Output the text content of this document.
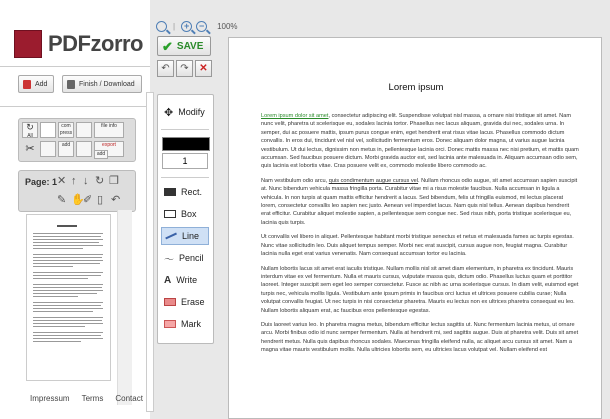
| +	−	100%
PDFzorro
Add	Finish / Download
↻
All
com press
file info
✂	add	export
add
Page: 1 ✕ ↑ ↓ ↻ ❐
✎ ✋
✐ ▯ ↶
Impressum Terms Contact
✔ SAVE
↶	↷	✕
✥ Modify
1
Rect.
Box
Line
〜 Pencil
A Write
Erase
Mark
Lorem ipsum

Lorem ipsum dolor sit amet, consectetur adipiscing elit. Suspendisse volutpat nisl massa, a ornare nisi tristique sit amet. Nam nunc velit, pharetra ut scelerisque eu, sodales lacinia tortor. Phasellus nec lacus aliquam, gravida dui nec, sodales urna. In semper, dui ac posuere mattis, ipsum purus congue enim, eget hendrerit erat risus vitae lacus. Phasellus commodo dictum convallis. In eros dui, tincidunt vel nisl vel, sollicitudin fermentum eros. Donec aliquam dolor magna, ut varius augue lacinia vestibulum. Ut dui lectus, dignissim non metus in, pellentesque lacinia orci. Donec mattis massa nec nisi pretium, et mattis quam accumsan. Sed faucibus posuere dictum. Morbi gravida auctor est, sed lacinia ante malesuada in. Aliquam accumsan odio sem, quis lacinia est lobortis vitae. Cras posuere velit ex, commodo molestie libero commodo ac.

Nam vestibulum odio arcu, quis condimentum augue cursus vel. Nullam rhoncus odio augue, sit amet accumsan sapien suscipit at. Nunc bibendum vehicula massa fringilla porta. Curabitur vitae mi a risus molestie faucibus. Nulla accumsan in ligula a vehicula. In non turpis at quam mattis efficitur hendrerit a lacus. Sed bibendum, felis ut fringilla euismod, mi lectus placerat lorem, consectetur convallis leo sapien nec justo. Aenean vel imperdiet lacus. Nam quis nisl tellus. Aenean dapibus hendrerit erat efficitur. Curabitur aliquet molestie sapien, a pellentesque sem congue nec. Sed risus nibh, porta tristique scelerisque eu, lacinia quis turpis.

Ut convallis vel libero in aliquet. Pellentesque habitant morbi tristique senectus et netus et malesuada fames ac turpis egestas. Nunc vitae sollicitudin leo. Duis aliquet tempus semper. Morbi nec erat suscipit, cursus augue non, feugiat magna. Curabitur lacinia nulla eget erat varius venenatis. Nam consequat accumsan tortor eu lacinia.

Nullam lobortis lacus sit amet erat iaculis tristique. Nullam mollis nisl sit amet diam elementum, in pharetra ex tincidunt. Mauris interdum vitae ex vel fermentum. Nulla et mauris cursus, vulputate massa quis, dictum odio. Phasellus luctus quam et porttitor laoreet. Integer suscipit sem eget leo semper consectetur. Fusce ac nibh ac urna scelerisque cursus. In diam velit, euismod eget turpis nec, vehicula mollis ligula. Vestibulum ante ipsum primis in faucibus orci luctus et ultrices posuere cubilia curae; Nulla volutpat convallis feugiat. Ut nec turpis in nisi consectetur pharetra. Mauris eu lectus non ex ultrices pharetra consequat eu leo. Nullam lobortis aliquam erat, ac faucibus eros pellentesque egestas.

Duis laoreet varius leo. In pharetra magna metus, bibendum efficitur lectus sagittis ut. Nunc fermentum lacinia metus, ut ornare arcu. Morbi finibus odio id nunc semper fermentum. Nulla at hendrerit mi, sed sagittis augue. Duis at pharetra velit. Duis sit amet hendrerit metus. Nulla quis dapibus rhoncus sodales. Maecenas fringilla eleifend nulla, ac aliquet arcu cursus sit amet. Nam a magna vitae mauris vestibulum mollis. Nulla ultricies lobortis sem, eu ultricies lacus volutpat vel. Nullam eleifend est
